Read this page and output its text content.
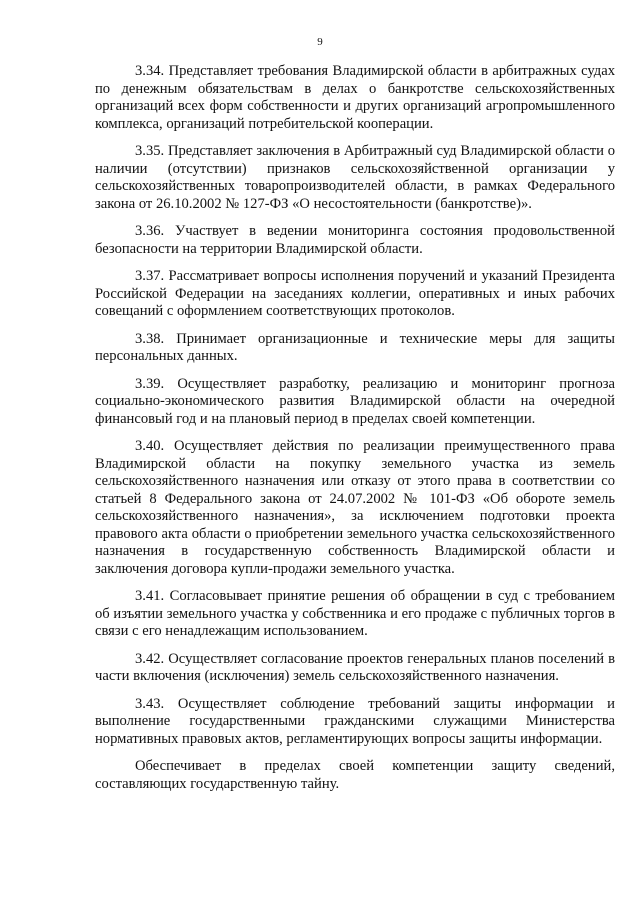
9

3.34. Представляет требования Владимирской области в арбитражных судах по денежным обязательствам в делах о банкротстве сельскохозяйственных организаций всех форм собственности и других организаций агропромышленного комплекса, организаций потребительской кооперации.

3.35. Представляет заключения в Арбитражный суд Владимирской области о наличии (отсутствии) признаков сельскохозяйственной организации у сельскохозяйственных товаропроизводителей области, в рамках Федерального закона от 26.10.2002 № 127-ФЗ «О несостоятельности (банкротстве)».

3.36. Участвует в ведении мониторинга состояния продовольственной безопасности на территории Владимирской области.

3.37. Рассматривает вопросы исполнения поручений и указаний Президента Российской Федерации на заседаниях коллегии, оперативных и иных рабочих совещаний с оформлением соответствующих протоколов.

3.38. Принимает организационные и технические меры для защиты персональных данных.

3.39. Осуществляет разработку, реализацию и мониторинг прогноза социально-экономического развития Владимирской области на очередной финансовый год и на плановый период в пределах своей компетенции.

3.40. Осуществляет действия по реализации преимущественного права Владимирской области на покупку земельного участка из земель сельскохозяйственного назначения или отказу от этого права в соответствии со статьей 8 Федерального закона от 24.07.2002 № 101-ФЗ «Об обороте земель сельскохозяйственного назначения», за исключением подготовки проекта правового акта области о приобретении земельного участка сельскохозяйственного назначения в государственную собственность Владимирской области и заключения договора купли-продажи земельного участка.

3.41. Согласовывает принятие решения об обращении в суд с требованием об изъятии земельного участка у собственника и его продаже с публичных торгов в связи с его ненадлежащим использованием.

3.42. Осуществляет согласование проектов генеральных планов поселений в части включения (исключения) земель сельскохозяйственного назначения.

3.43. Осуществляет соблюдение требований защиты информации и выполнение государственными гражданскими служащими Министерства нормативных правовых актов, регламентирующих вопросы защиты информации.

Обеспечивает в пределах своей компетенции защиту сведений, составляющих государственную тайну.
